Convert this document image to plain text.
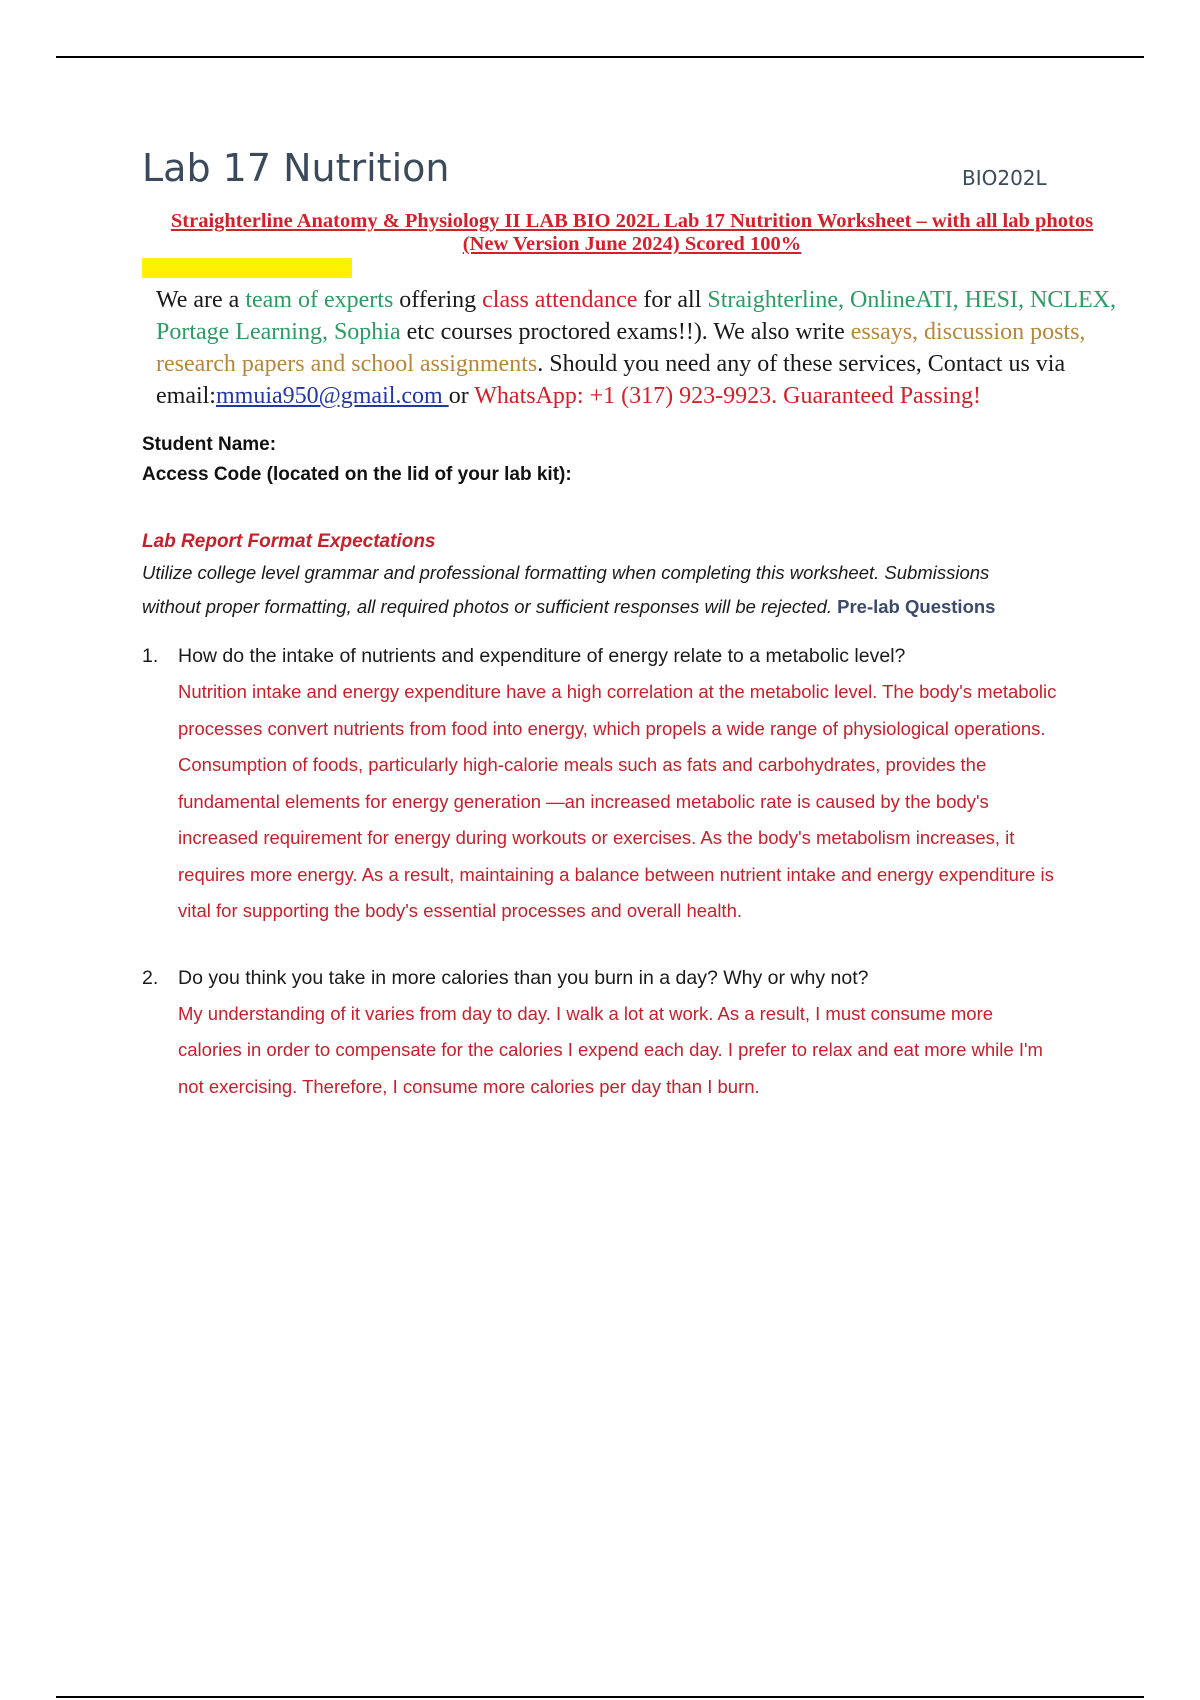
Lab 17 Nutrition	BIO202L
Straighterline Anatomy & Physiology II LAB BIO 202L Lab 17 Nutrition Worksheet – with all lab photos (New Version June 2024) Scored 100%
We are a team of experts offering class attendance for all Straighterline, OnlineATI, HESI, NCLEX, Portage Learning, Sophia etc courses proctored exams!!). We also write essays, discussion posts, research papers and school assignments. Should you need any of these services, Contact us via email:mmuia950@gmail.com or WhatsApp: +1 (317) 923-9923. Guaranteed Passing!
Student Name:
Access Code (located on the lid of your lab kit):
Lab Report Format Expectations
Utilize college level grammar and professional formatting when completing this worksheet. Submissions without proper formatting, all required photos or sufficient responses will be rejected. Pre-lab Questions
1. How do the intake of nutrients and expenditure of energy relate to a metabolic level?
Nutrition intake and energy expenditure have a high correlation at the metabolic level. The body's metabolic processes convert nutrients from food into energy, which propels a wide range of physiological operations. Consumption of foods, particularly high-calorie meals such as fats and carbohydrates, provides the fundamental elements for energy generation —an increased metabolic rate is caused by the body's increased requirement for energy during workouts or exercises. As the body's metabolism increases, it requires more energy. As a result, maintaining a balance between nutrient intake and energy expenditure is vital for supporting the body's essential processes and overall health.
2. Do you think you take in more calories than you burn in a day? Why or why not?
My understanding of it varies from day to day. I walk a lot at work. As a result, I must consume more calories in order to compensate for the calories I expend each day. I prefer to relax and eat more while I'm not exercising. Therefore, I consume more calories per day than I burn.
